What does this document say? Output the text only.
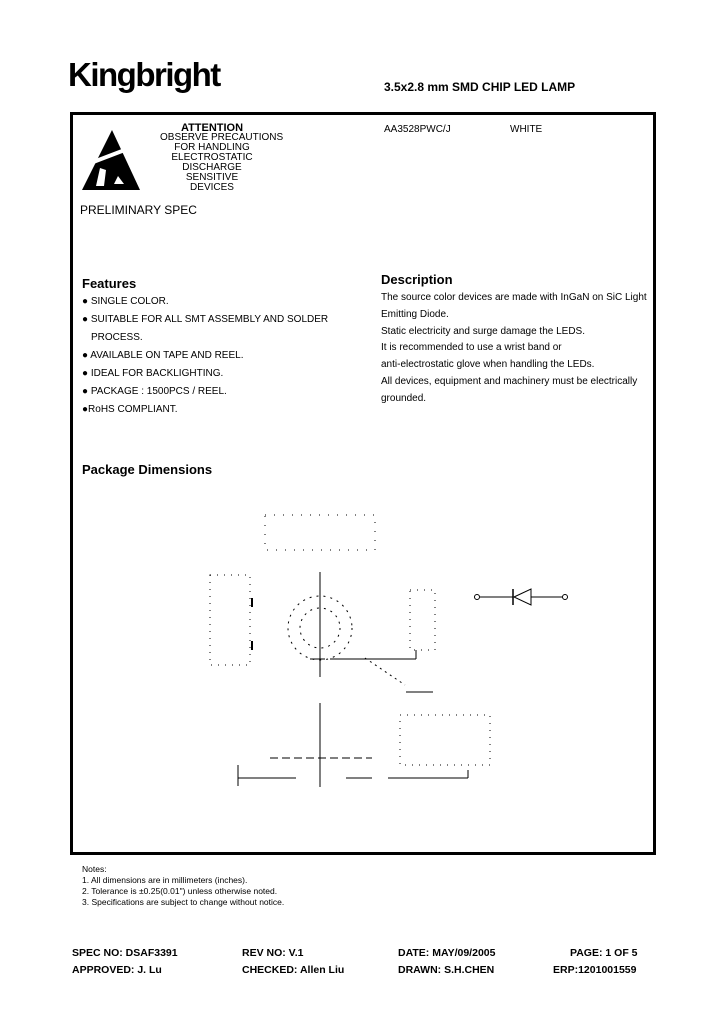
Kingbright	3.5x2.8 mm SMD CHIP LED LAMP
ATTENTION
OBSERVE PRECAUTIONS
FOR HANDLING
ELECTROSTATIC
DISCHARGE
SENSITIVE
DEVICES
AA3528PWC/J	WHITE
PRELIMINARY SPEC
Features
● SINGLE COLOR.
● SUITABLE FOR ALL SMT ASSEMBLY AND SOLDER
PROCESS.
● AVAILABLE ON TAPE AND REEL.
● IDEAL FOR BACKLIGHTING.
● PACKAGE : 1500PCS / REEL.
●RoHS COMPLIANT.
Description
The source color devices are made with InGaN on SiC Light
Emitting Diode.
Static electricity and surge damage the LEDS.
It is recommended to use a wrist band or
anti-electrostatic glove when handling the LEDs.
All devices, equipment and machinery must be electrically
grounded.
Package Dimensions
Notes:
1. All dimensions are in millimeters (inches).
2. Tolerance is ±0.25(0.01") unless otherwise noted.
3. Specifications are subject to change without notice.
SPEC NO: DSAF3391	REV NO: V.1	DATE: MAY/09/2005	PAGE: 1 OF 5
APPROVED: J. Lu	CHECKED: Allen Liu	DRAWN: S.H.CHEN	ERP:1201001559
